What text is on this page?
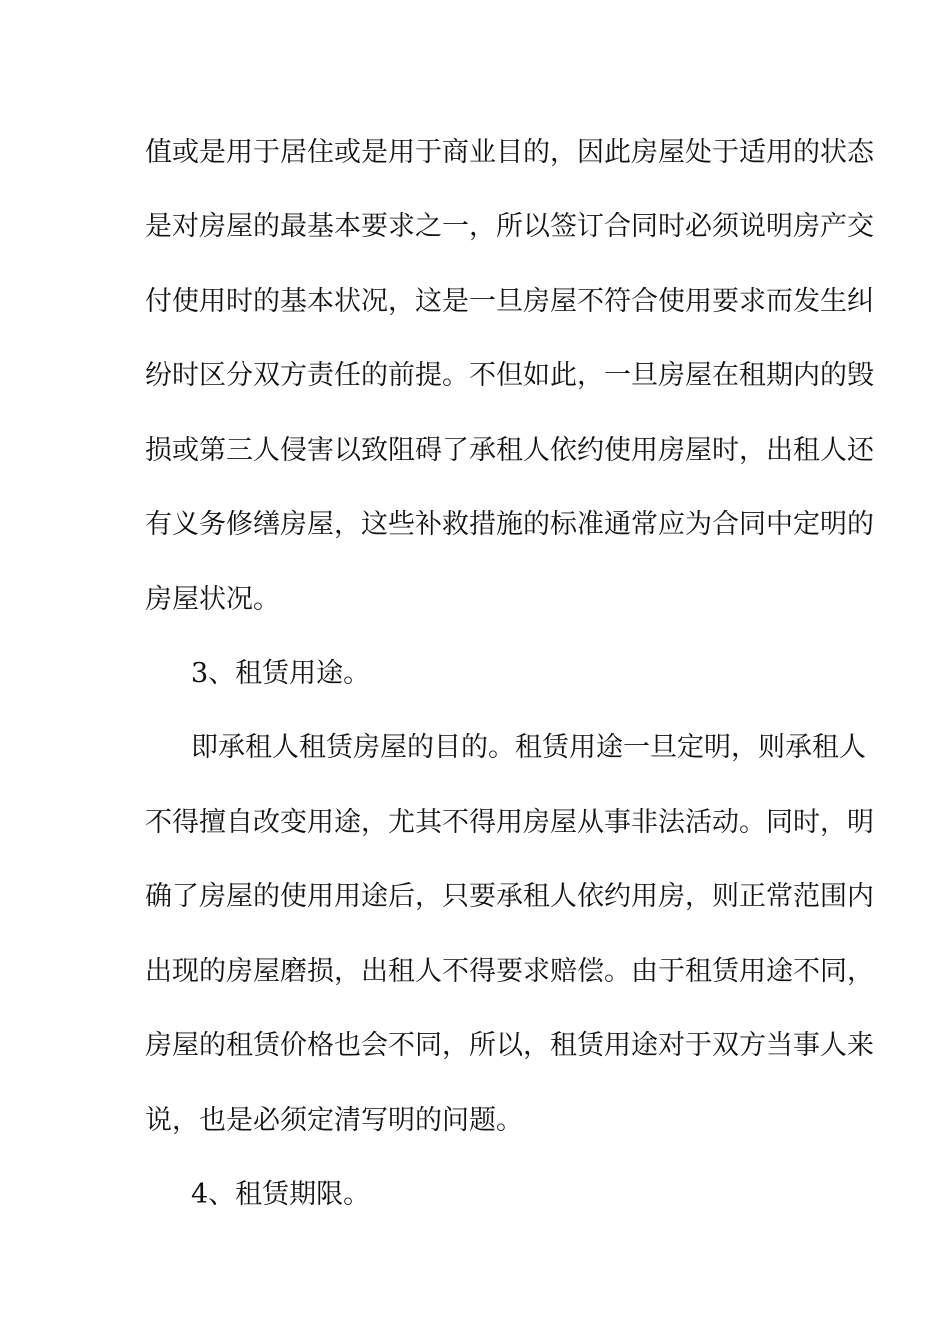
值或是用于居住或是用于商业目的，因此房屋处于适用的状态
是对房屋的最基本要求之一，所以签订合同时必须说明房产交
付使用时的基本状况，这是一旦房屋不符合使用要求而发生纠
纷时区分双方责任的前提。不但如此，一旦房屋在租期内的毁
损或第三人侵害以致阻碍了承租人依约使用房屋时，出租人还
有义务修缮房屋，这些补救措施的标准通常应为合同中定明的
房屋状况。
3、租赁用途。
即承租人租赁房屋的目的。租赁用途一旦定明，则承租人
不得擅自改变用途，尤其不得用房屋从事非法活动。同时，明
确了房屋的使用用途后，只要承租人依约用房，则正常范围内
出现的房屋磨损，出租人不得要求赔偿。由于租赁用途不同，
房屋的租赁价格也会不同，所以，租赁用途对于双方当事人来
说，也是必须定清写明的问题。
4、租赁期限。
